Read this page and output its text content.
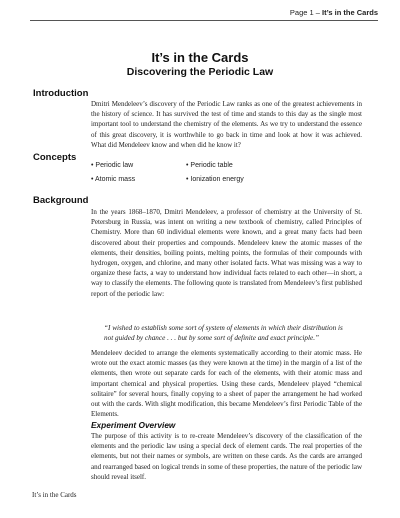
Page 1 – It’s in the Cards
It’s in the Cards
Discovering the Periodic Law
Introduction

Dmitri Mendeleev’s discovery of the Periodic Law ranks as one of the greatest achievements in the history of science. It has survived the test of time and stands to this day as the single most important tool to understand the chemistry of the elements. As we try to understand the essence of this great discovery, it is worthwhile to go back in time and look at how it was achieved. What did Mendeleev know and when did he know it?

Concepts
• Periodic law	• Periodic table
• Atomic mass	• Ionization energy
Background

In the years 1868–1870, Dmitri Mendeleev, a professor of chemistry at the University of St. Petersburg in Russia, was intent on writing a new textbook of chemistry, called Principles of Chemistry. More than 60 individual elements were known, and a great many facts had been discovered about their properties and compounds. Mendeleev knew the atomic masses of the elements, their densities, boiling points, melting points, the formulas of their compounds with hydrogen, oxygen, and chlorine, and many other isolated facts. What was missing was a way to organize these facts, a way to understand how individual facts related to each other—in short, a way to classify the elements. The following quote is translated from Mendeleev’s first published report of the periodic law:

“I wished to establish some sort of system of elements in which their distribution is not guided by chance . . . but by some sort of definite and exact principle.”

Mendeleev decided to arrange the elements systematically according to their atomic mass. He wrote out the exact atomic masses (as they were known at the time) in the margin of a list of the elements, then wrote out separate cards for each of the elements, with their atomic mass and important chemical and physical properties. Using these cards, Mendeleev played “chemical solitaire” for several hours, finally copying to a sheet of paper the arrangement he had worked out with the cards. With slight modification, this became Mendeleev’s first Periodic Table of the Elements.

Experiment Overview

The purpose of this activity is to re-create Mendeleev’s discovery of the classification of the elements and the periodic law using a special deck of element cards. The real properties of the elements, but not their names or symbols, are written on these cards. As the cards are arranged and rearranged based on logical trends in some of these properties, the nature of the periodic law should reveal itself.

It’s in the Cards
